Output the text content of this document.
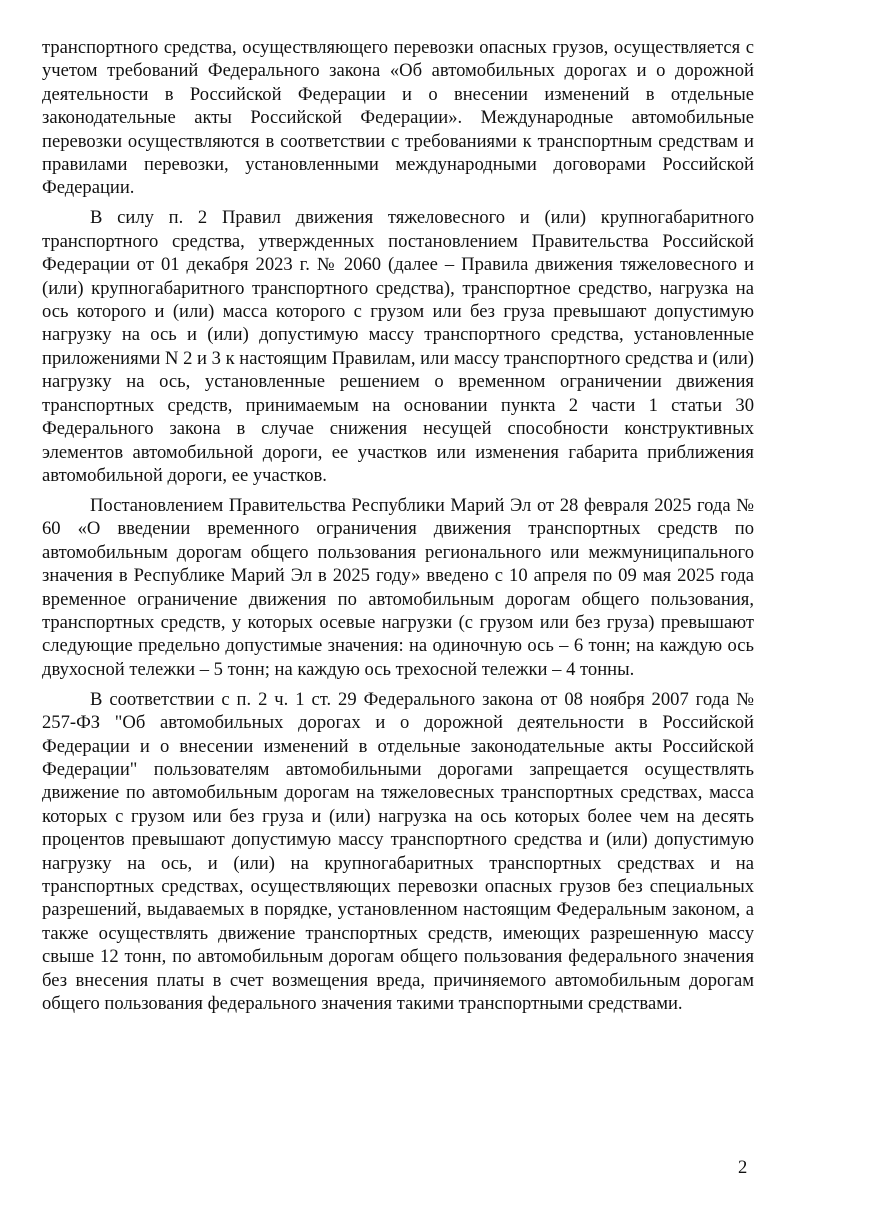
транспортного средства, осуществляющего перевозки опасных грузов, осуществляется с учетом требований Федерального закона «Об автомобильных дорогах и о дорожной деятельности в Российской Федерации и о внесении изменений в отдельные законодательные акты Российской Федерации». Международные автомобильные перевозки осуществляются в соответствии с требованиями к транспортным средствам и правилами перевозки, установленными международными договорами Российской Федерации.

В силу п. 2 Правил движения тяжеловесного и (или) крупногабаритного транспортного средства, утвержденных постановлением Правительства Российской Федерации от 01 декабря 2023 г. № 2060 (далее – Правила движения тяжеловесного и (или) крупногабаритного транспортного средства), транспортное средство, нагрузка на ось которого и (или) масса которого с грузом или без груза превышают допустимую нагрузку на ось и (или) допустимую массу транспортного средства, установленные приложениями N 2 и 3 к настоящим Правилам, или массу транспортного средства и (или) нагрузку на ось, установленные решением о временном ограничении движения транспортных средств, принимаемым на основании пункта 2 части 1 статьи 30 Федерального закона в случае снижения несущей способности конструктивных элементов автомобильной дороги, ее участков или изменения габарита приближения автомобильной дороги, ее участков.

Постановлением Правительства Республики Марий Эл от 28 февраля 2025 года № 60 «О введении временного ограничения движения транспортных средств по автомобильным дорогам общего пользования регионального или межмуниципального значения в Республике Марий Эл в 2025 году» введено с 10 апреля по 09 мая 2025 года временное ограничение движения по автомобильным дорогам общего пользования, транспортных средств, у которых осевые нагрузки (с грузом или без груза) превышают следующие предельно допустимые значения: на одиночную ось – 6 тонн; на каждую ось двухосной тележки – 5 тонн; на каждую ось трехосной тележки – 4 тонны.

В соответствии с п. 2 ч. 1 ст. 29 Федерального закона от 08 ноября 2007 года № 257-ФЗ "Об автомобильных дорогах и о дорожной деятельности в Российской Федерации и о внесении изменений в отдельные законодательные акты Российской Федерации" пользователям автомобильными дорогами запрещается осуществлять движение по автомобильным дорогам на тяжеловесных транспортных средствах, масса которых с грузом или без груза и (или) нагрузка на ось которых более чем на десять процентов превышают допустимую массу транспортного средства и (или) допустимую нагрузку на ось, и (или) на крупногабаритных транспортных средствах и на транспортных средствах, осуществляющих перевозки опасных грузов без специальных разрешений, выдаваемых в порядке, установленном настоящим Федеральным законом, а также осуществлять движение транспортных средств, имеющих разрешенную массу свыше 12 тонн, по автомобильным дорогам общего пользования федерального значения без внесения платы в счет возмещения вреда, причиняемого автомобильным дорогам общего пользования федерального значения такими транспортными средствами.

2
